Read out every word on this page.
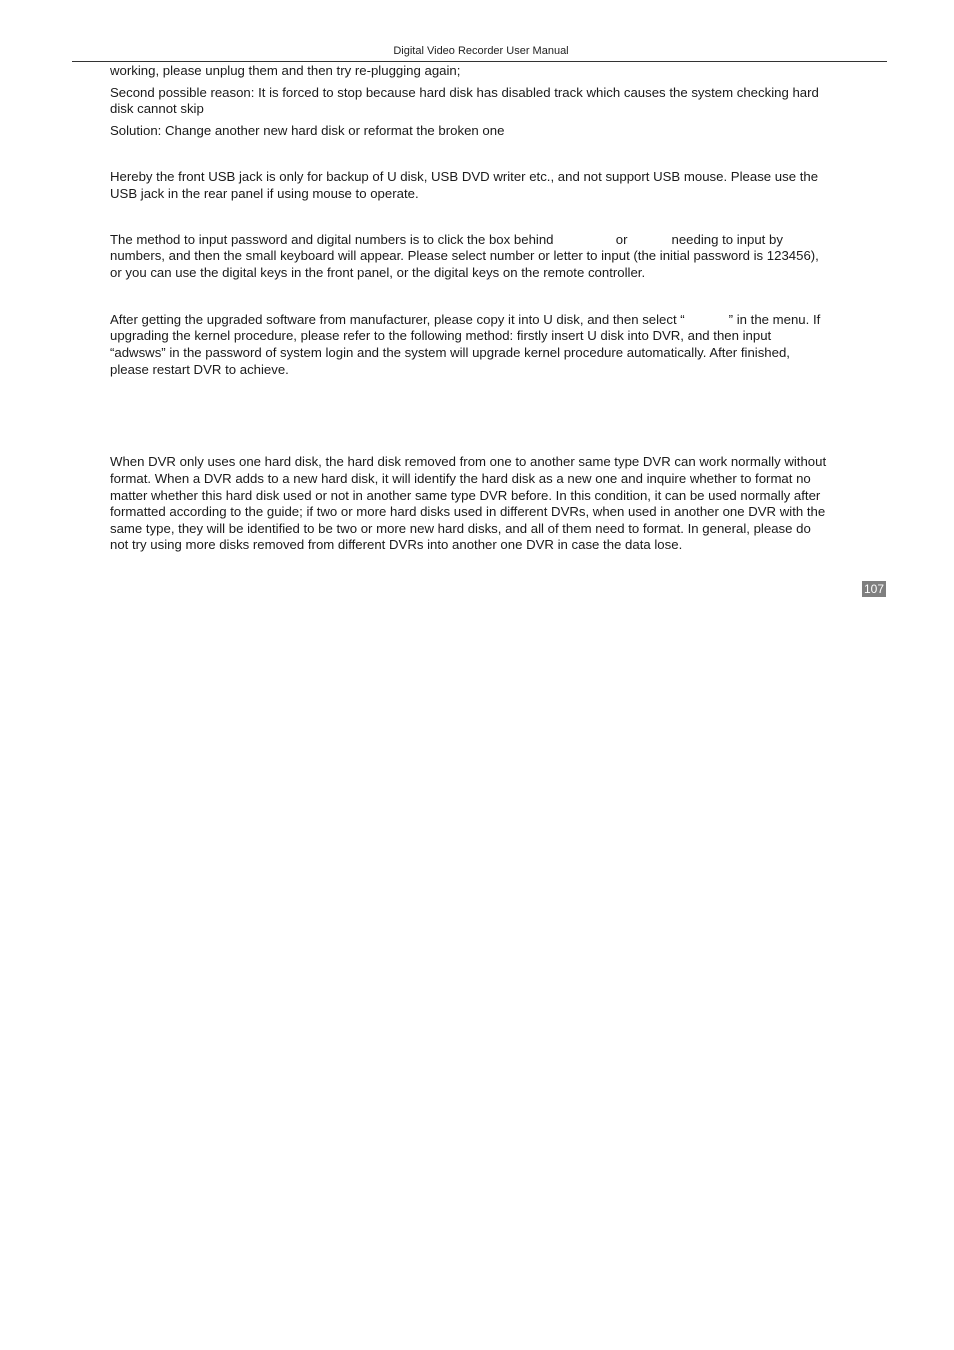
Digital Video Recorder User Manual

working, please unplug them and then try re-plugging again;

Second possible reason: It is forced to stop because hard disk has disabled track which causes the system checking hard

disk cannot skip

Solution: Change another new hard disk or reformat the broken one

Hereby the front USB jack is only for backup of U disk, USB DVD writer etc., and not support USB mouse. Please use the

USB jack in the rear panel if using mouse to operate.

The method to input password and digital numbers is to click the box behind                 or            needing to input by

numbers, and then the small keyboard will appear. Please select number or letter to input (the initial password is 123456),

or you can use the digital keys in the front panel, or the digital keys on the remote controller.

After getting the upgraded software from manufacturer, please copy it into U disk, and then select “            ” in the menu. If

upgrading the kernel procedure, please refer to the following method: firstly insert U disk into DVR, and then input

“adwsws” in the password of system login and the system will upgrade kernel procedure automatically. After finished,

please restart DVR to achieve.

When DVR only uses one hard disk, the hard disk removed from one to another same type DVR can work normally without

format. When a DVR adds to a new hard disk, it will identify the hard disk as a new one and inquire whether to format no

matter whether this hard disk used or not in another same type DVR before. In this condition, it can be used normally after

formatted according to the guide; if two or more hard disks used in different DVRs, when used in another one DVR with the

same type, they will be identified to be two or more new hard disks, and all of them need to format. In general, please do

not try using more disks removed from different DVRs into another one DVR in case the data lose.

107
